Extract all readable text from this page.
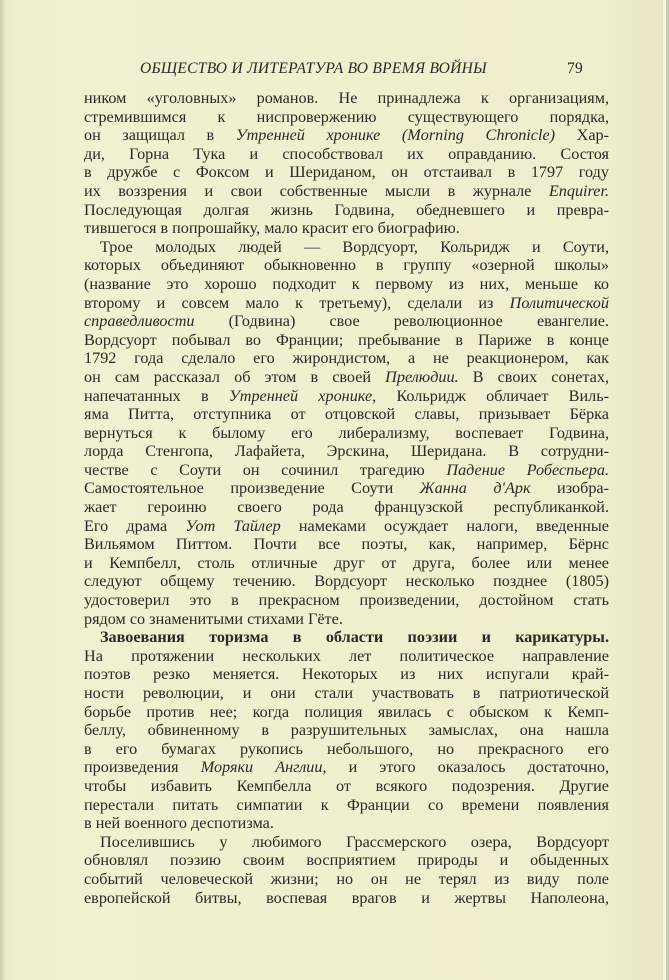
ОБЩЕСТВО И ЛИТЕРАТУРА ВО ВРЕМЯ ВОЙНЫ	79
ником «уголовных» романов. Не принадлежа к организациям,
стремившимся к ниспровержению существующего порядка,
он защищал в Утренней хронике (Morning Chronicle) Хар-
ди, Горна Тука и способствовал их оправданию. Состоя
в дружбе с Фоксом и Шериданом, он отстаивал в 1797 году
их воззрения и свои собственные мысли в журнале Enquirer.
Последующая долгая жизнь Годвина, обедневшего и превра-
тившегося в попрошайку, мало красит его биографию.
Трое молодых людей — Вордсуорт, Кольридж и Соути,
которых объединяют обыкновенно в группу «озерной школы»
(название это хорошо подходит к первому из них, меньше ко
второму и совсем мало к третьему), сделали из Политической
справедливости (Годвина) свое революционное евангелие.
Вордсуорт побывал во Франции; пребывание в Париже в конце
1792 года сделало его жирондистом, а не реакционером, как
он сам рассказал об этом в своей Прелюдии. В своих сонетах,
напечатанных в Утренней хронике, Кольридж обличает Виль-
яма Питта, отступника от отцовской славы, призывает Бёрка
вернуться к былому его либерализму, воспевает Годвина,
лорда Стенгопа, Лафайета, Эрскина, Шеридана. В сотрудни-
честве с Соути он сочинил трагедию Падение Робеспьера.
Самостоятельное произведение Соути Жанна д'Арк изобра-
жает героиню своего рода французской республиканкой.
Его драма Уот Тайлер намеками осуждает налоги, введенные
Вильямом Питтом. Почти все поэты, как, например, Бёрнс
и Кемпбелл, столь отличные друг от друга, более или менее
следуют общему течению. Вордсуорт несколько позднее (1805)
удостоверил это в прекрасном произведении, достойном стать
рядом со знаменитыми стихами Гёте.
Завоевания торизма в области поэзии и карикатуры.
На протяжении нескольких лет политическое направление
поэтов резко меняется. Некоторых из них испугали край-
ности революции, и они стали участвовать в патриотической
борьбе против нее; когда полиция явилась с обыском к Кемп-
беллу, обвиненному в разрушительных замыслах, она нашла
в его бумагах рукопись небольшого, но прекрасного его
произведения Моряки Англии, и этого оказалось достаточно,
чтобы избавить Кемпбелла от всякого подозрения. Другие
перестали питать симпатии к Франции со времени появления
в ней военного деспотизма.
Поселившись у любимого Грассмерского озера, Вордсуорт
обновлял поэзию своим восприятием природы и обыденных
событий человеческой жизни; но он не терял из виду поле
европейской битвы, воспевая врагов и жертвы Наполеона,
